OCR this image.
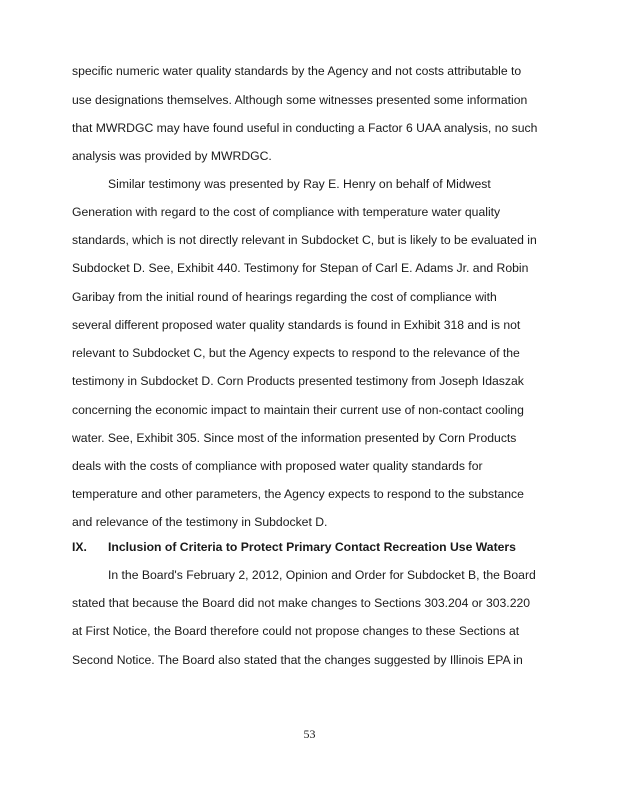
specific numeric water quality standards by the Agency and not costs attributable to
use designations themselves. Although some witnesses presented some information
that MWRDGC may have found useful in conducting a Factor 6 UAA analysis, no such
analysis was provided by MWRDGC.
Similar testimony was presented by Ray E. Henry on behalf of Midwest
Generation with regard to the cost of compliance with temperature water quality
standards, which is not directly relevant in Subdocket C, but is likely to be evaluated in
Subdocket D. See, Exhibit 440. Testimony for Stepan of Carl E. Adams Jr. and Robin
Garibay from the initial round of hearings regarding the cost of compliance with
several different proposed water quality standards is found in Exhibit 318 and is not
relevant to Subdocket C, but the Agency expects to respond to the relevance of the
testimony in Subdocket D. Corn Products presented testimony from Joseph Idaszak
concerning the economic impact to maintain their current use of non-contact cooling
water. See, Exhibit 305. Since most of the information presented by Corn Products
deals with the costs of compliance with proposed water quality standards for
temperature and other parameters, the Agency expects to respond to the substance
and relevance of the testimony in Subdocket D.
IX. Inclusion of Criteria to Protect Primary Contact Recreation Use Waters
In the Board's February 2, 2012, Opinion and Order for Subdocket B, the Board
stated that because the Board did not make changes to Sections 303.204 or 303.220
at First Notice, the Board therefore could not propose changes to these Sections at
Second Notice. The Board also stated that the changes suggested by Illinois EPA in
53
